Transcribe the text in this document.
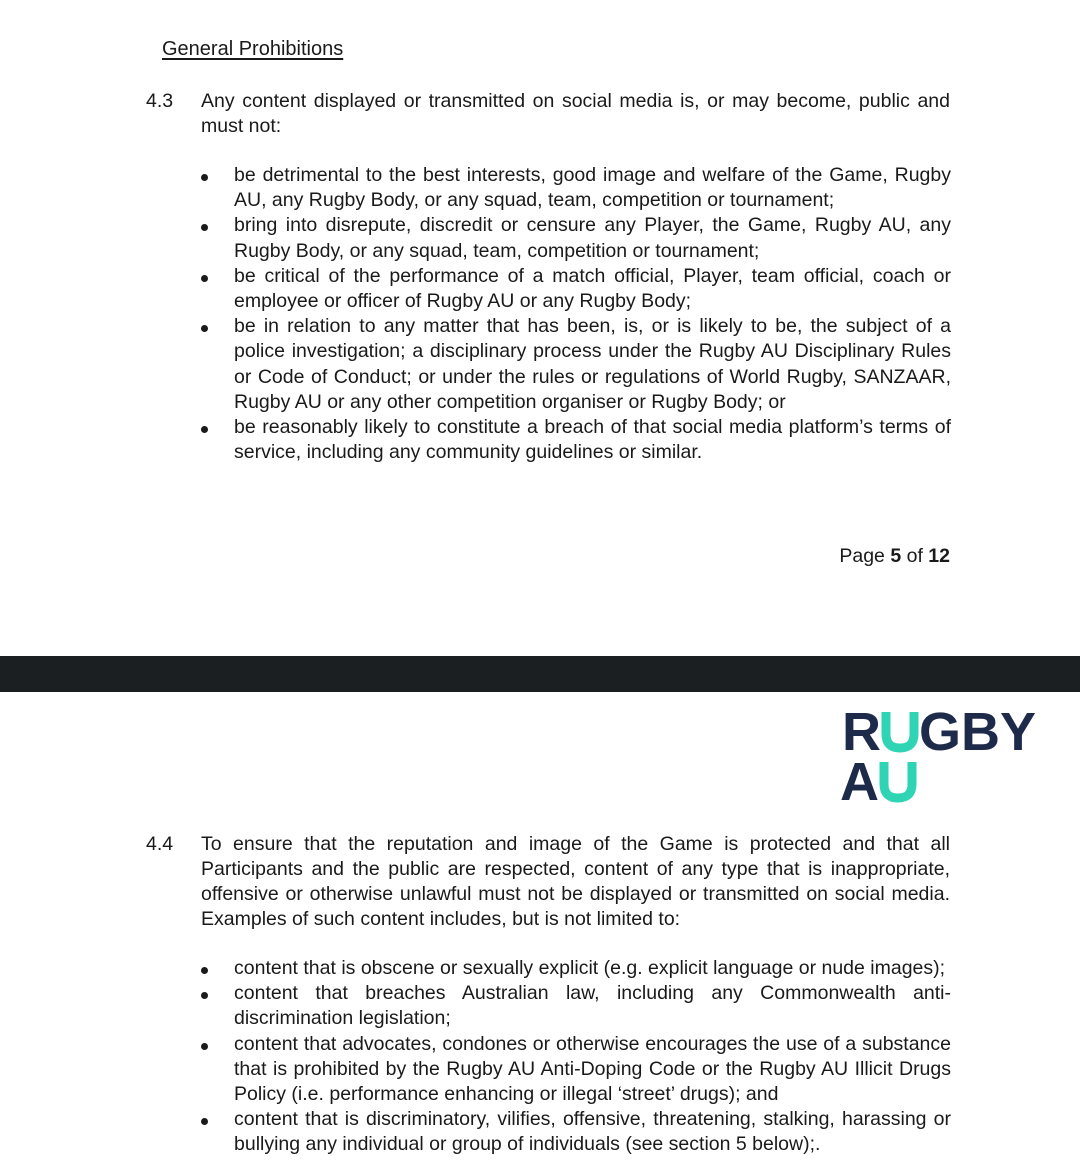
General Prohibitions
4.3 Any content displayed or transmitted on social media is, or may become, public and must not:
be detrimental to the best interests, good image and welfare of the Game, Rugby AU, any Rugby Body, or any squad, team, competition or tournament;
bring into disrepute, discredit or censure any Player, the Game, Rugby AU, any Rugby Body, or any squad, team, competition or tournament;
be critical of the performance of a match official, Player, team official, coach or employee or officer of Rugby AU or any Rugby Body;
be in relation to any matter that has been, is, or is likely to be, the subject of a police investigation; a disciplinary process under the Rugby AU Disciplinary Rules or Code of Conduct; or under the rules or regulations of World Rugby, SANZAAR, Rugby AU or any other competition organiser or Rugby Body; or
be reasonably likely to constitute a breach of that social media platform’s terms of service, including any community guidelines or similar.
Page 5 of 12
R GBY
A
4.4 To ensure that the reputation and image of the Game is protected and that all Participants and the public are respected, content of any type that is inappropriate, offensive or otherwise unlawful must not be displayed or transmitted on social media. Examples of such content includes, but is not limited to:
content that is obscene or sexually explicit (e.g. explicit language or nude images);
content that breaches Australian law, including any Commonwealth anti-discrimination legislation;
content that advocates, condones or otherwise encourages the use of a substance that is prohibited by the Rugby AU Anti-Doping Code or the Rugby AU Illicit Drugs Policy (i.e. performance enhancing or illegal ‘street’ drugs); and
content that is discriminatory, vilifies, offensive, threatening, stalking, harassing or bullying any individual or group of individuals (see section 5 below);.
